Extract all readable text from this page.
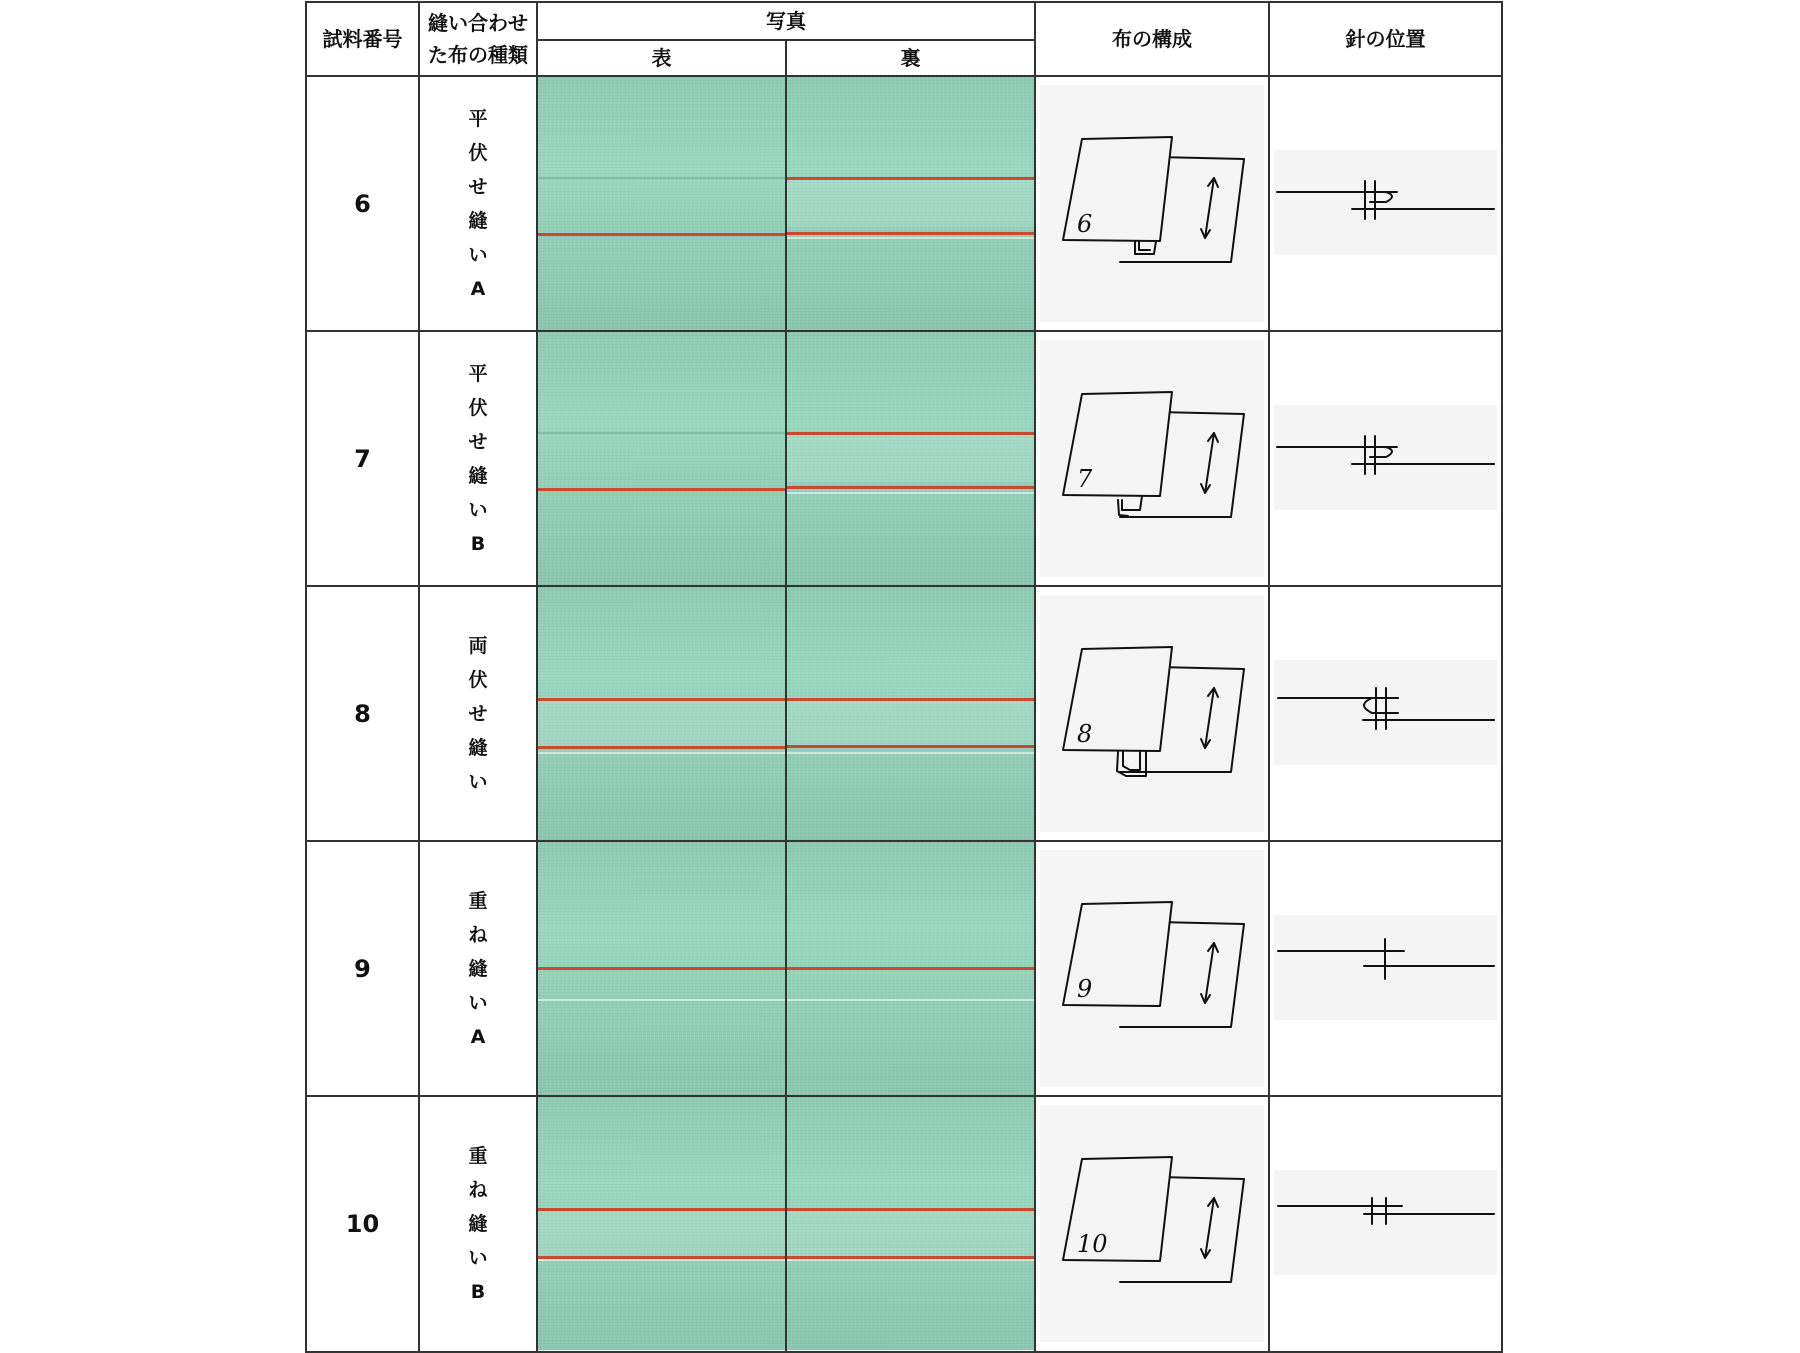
試料番号
縫い合わせ
た布の種類
写真
表	裏
布の構成	針の位置
6
平
伏
せ
縫
い
A
6
7
平
伏
せ
縫
い
B
7
8
両
伏
せ
縫
い
8
9
重
ね
縫
い
A
9
10
重
ね
縫
い
B
10
